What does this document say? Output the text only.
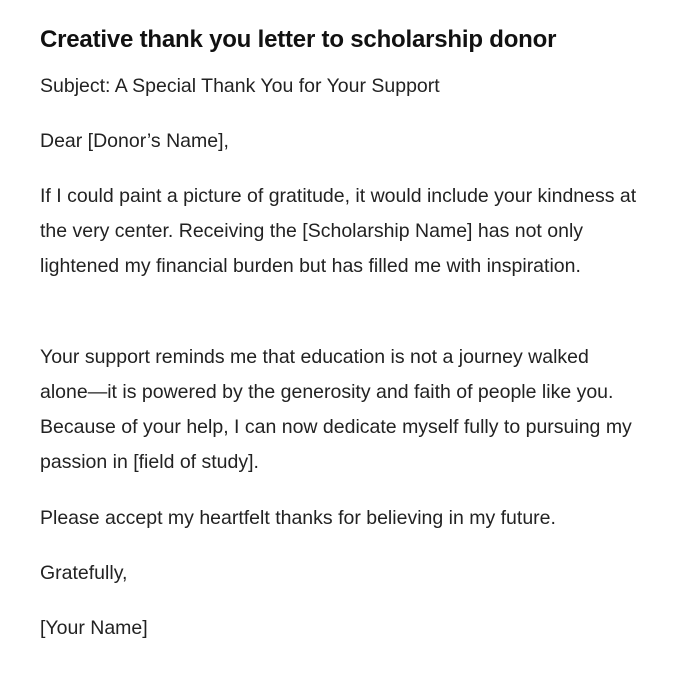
Creative thank you letter to scholarship donor

Subject: A Special Thank You for Your Support

Dear [Donor’s Name],

If I could paint a picture of gratitude, it would include your kindness at the very center. Receiving the [Scholarship Name] has not only lightened my financial burden but has filled me with inspiration.

Your support reminds me that education is not a journey walked alone—it is powered by the generosity and faith of people like you. Because of your help, I can now dedicate myself fully to pursuing my passion in [field of study].

Please accept my heartfelt thanks for believing in my future.

Gratefully,

[Your Name]
